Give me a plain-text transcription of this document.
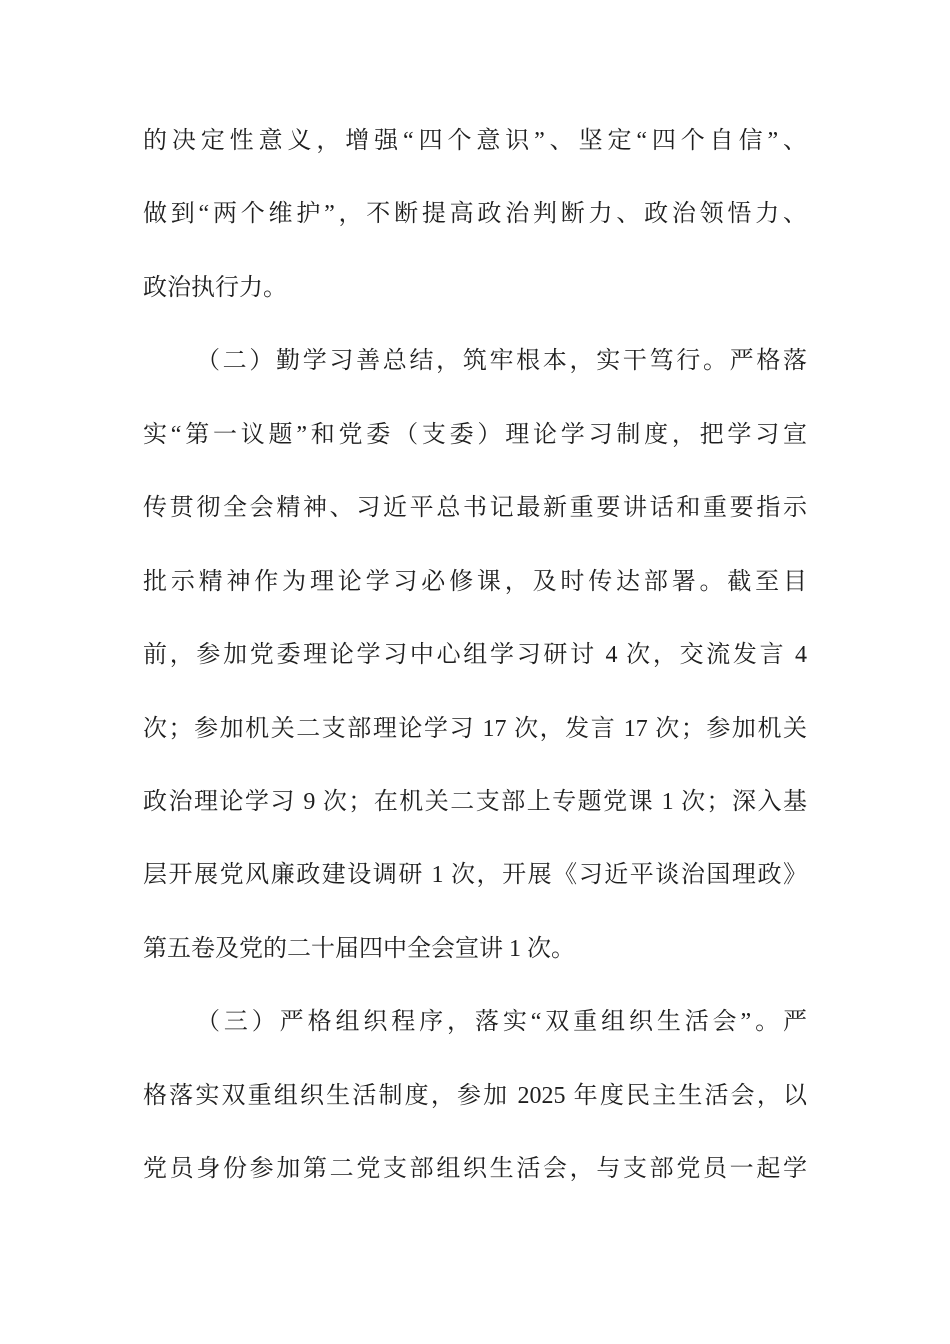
的决定性意义，增强“四个意识”、坚定“四个自信”、
做到“两个维护”，不断提高政治判断力、政治领悟力、
政治执行力。
（二）勤学习善总结，筑牢根本，实干笃行。严格落
实“第一议题”和党委（支委）理论学习制度，把学习宣
传贯彻全会精神、习近平总书记最新重要讲话和重要指示
批示精神作为理论学习必修课，及时传达部署。截至目
前，参加党委理论学习中心组学习研讨 4 次，交流发言 4
次；参加机关二支部理论学习 17 次，发言 17 次；参加机关
政治理论学习 9 次；在机关二支部上专题党课 1 次；深入基
层开展党风廉政建设调研 1 次，开展《习近平谈治国理政》
第五卷及党的二十届四中全会宣讲 1 次。
（三）严格组织程序，落实“双重组织生活会”。严
格落实双重组织生活制度，参加 2025 年度民主生活会，以
党员身份参加第二党支部组织生活会，与支部党员一起学
